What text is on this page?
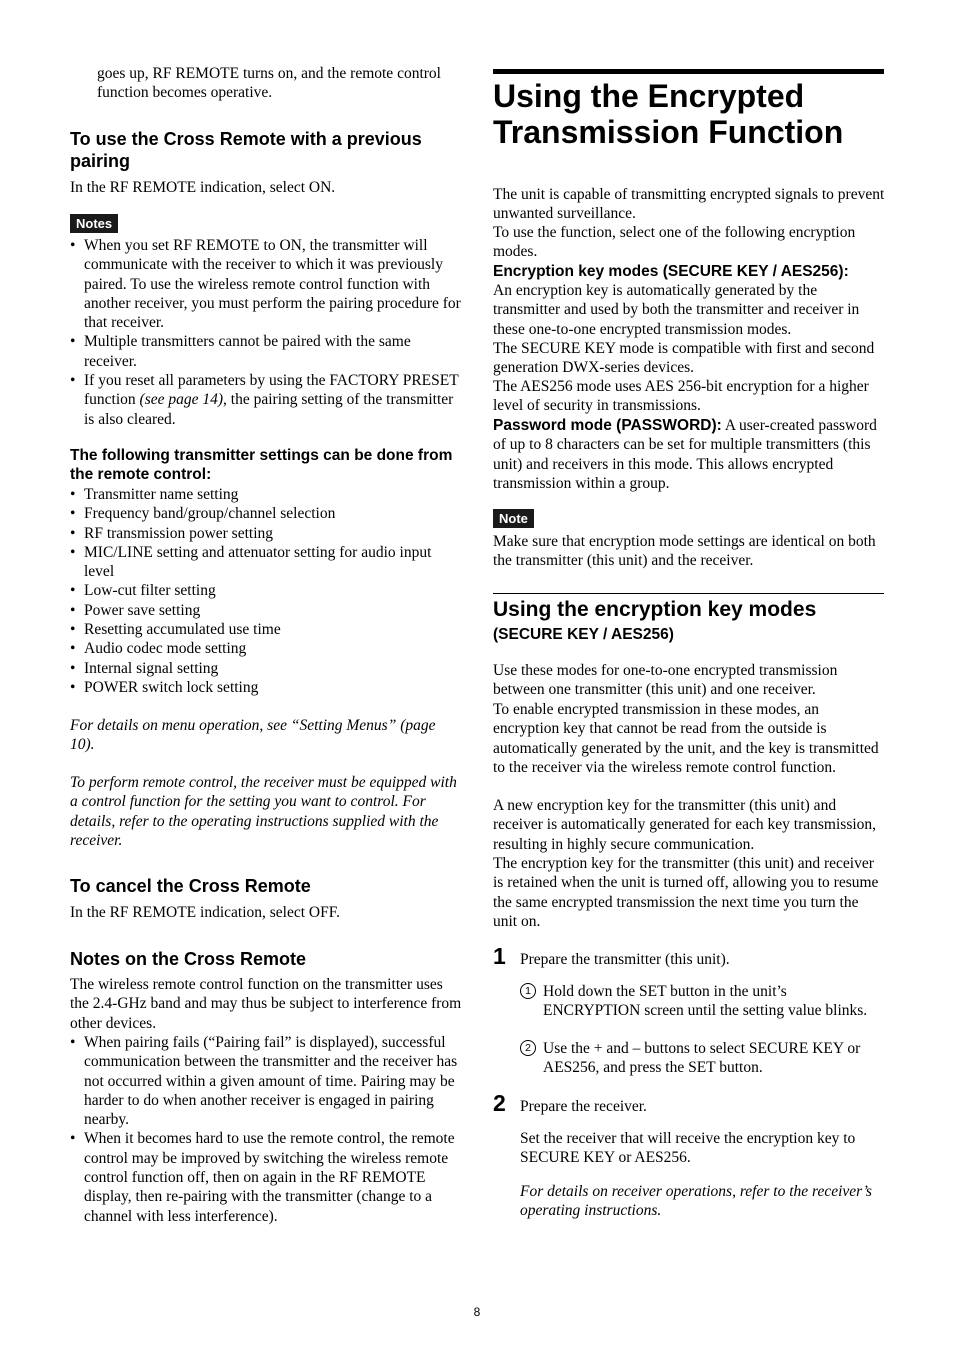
goes up, RF REMOTE turns on, and the remote control function becomes operative.

To use the Cross Remote with a previous pairing

In the RF REMOTE indication, select ON.

Notes
• When you set RF REMOTE to ON, the transmitter will communicate with the receiver to which it was previously paired. To use the wireless remote control function with another receiver, you must perform the pairing procedure for that receiver.
• Multiple transmitters cannot be paired with the same receiver.
• If you reset all parameters by using the FACTORY PRESET function (see page 14), the pairing setting of the transmitter is also cleared.
The following transmitter settings can be done from the remote control:
• Transmitter name setting
• Frequency band/group/channel selection
• RF transmission power setting
• MIC/LINE setting and attenuator setting for audio input level
• Low-cut filter setting
• Power save setting
• Resetting accumulated use time
• Audio codec mode setting
• Internal signal setting
• POWER switch lock setting

For details on menu operation, see “Setting Menus” (page 10).

To perform remote control, the receiver must be equipped with a control function for the setting you want to control. For details, refer to the operating instructions supplied with the receiver.

To cancel the Cross Remote

In the RF REMOTE indication, select OFF.

Notes on the Cross Remote

The wireless remote control function on the transmitter uses the 2.4-GHz band and may thus be subject to interference from other devices.

• When pairing fails (“Pairing fail” is displayed), successful communication between the transmitter and the receiver has not occurred within a given amount of time. Pairing may be harder to do when another receiver is engaged in pairing nearby.
• When it becomes hard to use the remote control, the remote control may be improved by switching the wireless remote control function off, then on again in the RF REMOTE display, then re-pairing with the transmitter (change to a channel with less interference).
Using the Encrypted Transmission Function

The unit is capable of transmitting encrypted signals to prevent unwanted surveillance.

To use the function, select one of the following encryption modes.

Encryption key modes (SECURE KEY / AES256):

An encryption key is automatically generated by the transmitter and used by both the transmitter and receiver in these one-to-one encrypted transmission modes.

The SECURE KEY mode is compatible with first and second generation DWX-series devices.

The AES256 mode uses AES 256-bit encryption for a higher level of security in transmissions.

Password mode (PASSWORD): A user-created password of up to 8 characters can be set for multiple transmitters (this unit) and receivers in this mode. This allows encrypted transmission within a group.

Note

Make sure that encryption mode settings are identical on both the transmitter (this unit) and the receiver.

Using the encryption key modes
(SECURE KEY / AES256)

Use these modes for one-to-one encrypted transmission between one transmitter (this unit) and one receiver.

To enable encrypted transmission in these modes, an encryption key that cannot be read from the outside is automatically generated by the unit, and the key is transmitted to the receiver via the wireless remote control function.

A new encryption key for the transmitter (this unit) and receiver is automatically generated for each key transmission, resulting in highly secure communication.

The encryption key for the transmitter (this unit) and receiver is retained when the unit is turned off, allowing you to resume the same encrypted transmission the next time you turn the unit on.

1 Prepare the transmitter (this unit).

1 Hold down the SET button in the unit’s ENCRYPTION screen until the setting value blinks.

2 Use the + and – buttons to select SECURE KEY or AES256, and press the SET button.

2 Prepare the receiver.

Set the receiver that will receive the encryption key to SECURE KEY or AES256.

For details on receiver operations, refer to the receiver’s operating instructions.

8
